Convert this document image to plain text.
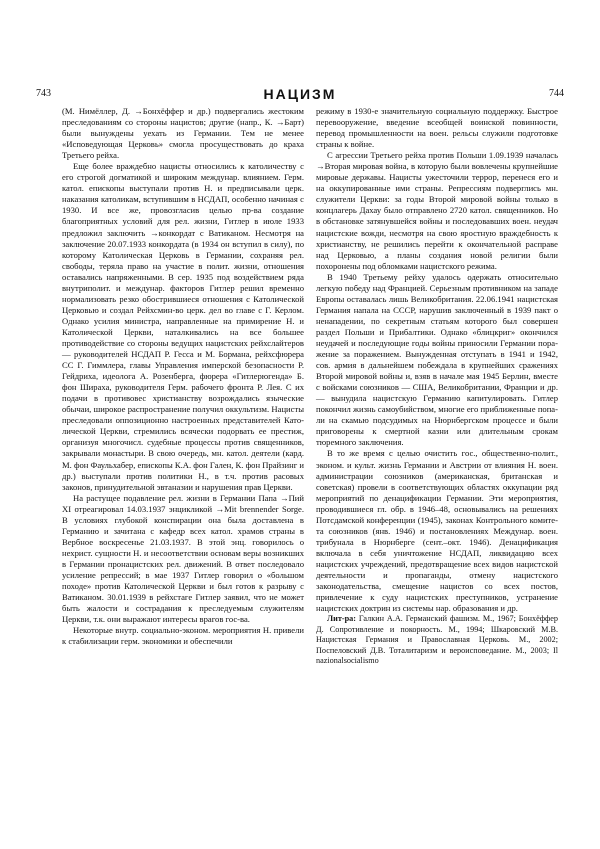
743	НАЦИЗМ	744

(М. Нимёллер, Д. →Бонхёффер и др.) подвергались жестоким преследованиям со стороны нацистов; другие (напр., К. →Барт) были вынуждены уехать из Германии. Тем не менее «Исповедующая Церковь» смогла просуществовать до краха Третьего рейха.

Еще более враждебно нацисты относились к католичеству с его строгой догматикой и широким междунар. влиянием. Герм. катол. епископы выступали против Н. и предписывали церк. наказания католикам, вступившим в НСДАП, особенно начиная с 1930. И все же, провозгласив целью пр-ва создание благоприятных условий для рел. жизни, Гитлер в июле 1933 предложил заключить →конкордат с Ватиканом. Несмотря на заключение 20.07.1933 конкордата (в 1934 он вступил в силу), по которому Католическая Церковь в Германии, сохраняя рел. свободы, теряла право на участие в полит. жизни, отношения оставались напряженными. В сер. 1935 под воздействием ряда внутриполит. и междунар. факторов Гитлер решил временно нормализовать резко обострившиеся отношения с Католической Церковью и создал Рейхсмин-во церк. дел во главе с Г. Керлом. Однако усилия министра, направленные на примирение Н. и Католической Церкви, наталкивались на все большее противодействие со стороны ведущих нацистских рейхслайтеров — руководителей НСДАП Р. Гесса и М. Бормана, рейхсфюрера СС Г. Гиммлера, главы Управления имперской безопасности Р. Гейдриха, идеолога А. Розенберга, фюрера «Гитлерюгенда» Б. фон Шираха, руководителя Герм. рабочего фронта Р. Лея. С их подачи в противовес христианству возрождались языческие обычаи, широкое распространение получил оккультизм. Нацисты преследовали оппозиционно настроенных представителей Католической Церкви, стремились всячески подорвать ее престиж, организуя многочисл. судебные процессы против священников, закрывали монастыри. В свою очередь, мн. катол. деятели (кард. М. фон Фаульхабер, епископы К.А. фон Гален, К. фон Прайзинг и др.) выступали против политики Н., в т.ч. против расовых законов, принудительной эвтаназии и нарушения прав Церкви.

На растущее подавление рел. жизни в Германии Папа →Пий XI отреагировал 14.03.1937 энцикликой →Mit brennender Sorge. В условиях глубокой конспирации она была доставлена в Германию и зачитана с кафедр всех катол. храмов страны в Вербное воскресенье 21.03.1937. В этой энц. говорилось о нехрист. сущности Н. и несоответствии основам веры возникших в Германии пронацистских рел. движений. В ответ последовало усиление репрессий; в мае 1937 Гитлер говорил о «большом походе» против Католической Церкви и был готов к разрыву с Ватиканом. 30.01.1939 в рейхстаге Гитлер заявил, что не может быть жалости и сострадания к преследуемым служителям Церкви, т.к. они выражают интересы врагов гос-ва.

Некоторые внутр. социально-эконом. мероприятия Н. привели к стабилизации герм. экономики и обеспечили

режиму в 1930-е значительную социальную поддержку. Быстрое перевооружение, введение всеобщей воинской повинности, перевод промышленности на воен. рельсы служили подготовке страны к войне.

С агрессии Третьего рейха против Польши 1.09.1939 началась →Вторая мировая война, в которую были вовлечены крупнейшие мировые державы. Нацисты ужесточили террор, перенеся его и на оккупированные ими страны. Репрессиям подверглись мн. служители Церкви: за годы Второй мировой войны только в концлагерь Дахау было отправлено 2720 катол. священников. Но в обстановке затянувшейся войны и последовавших воен. неудач нацистские вожди, несмотря на свою яростную враждебность к христианству, не решились перейти к окончательной расправе над Церковью, а планы создания новой религии были похоронены под обломками нацистского режима.

В 1940 Третьему рейху удалось одержать относительно легкую победу над Францией. Серьезным противником на западе Европы оставалась лишь Великобритания. 22.06.1941 нацистская Германия напала на СССР, нарушив заключенный в 1939 пакт о ненападении, по секретным статьям которого был совершен раздел Польши и Прибалтики. Однако «блицкриг» окончился неудачей и последующие годы войны приносили Германии поражение за поражением. Вынужденная отступать в 1941 и 1942, сов. армия в дальнейшем побеждала в крупнейших сражениях Второй мировой войны и, взяв в начале мая 1945 Берлин, вместе с войсками союзников — США, Великобритании, Франции и др. — вынудила нацистскую Германию капитулировать. Гитлер покончил жизнь самоубийством, многие его приближенные попали на скамью подсудимых на Нюрнбергском процессе и были приговорены к смертной казни или длительным срокам тюремного заключения.

В то же время с целью очистить гос., общественно-полит., эконом. и культ. жизнь Германии и Австрии от влияния Н. воен. администрации союзников (американская, британская и советская) провели в соответствующих областях оккупации ряд мероприятий по денацификации Германии. Эти мероприятия, проводившиеся гл. обр. в 1946–48, основывались на решениях Потсдамской конференции (1945), законах Контрольного комитета союзников (янв. 1946) и постановлениях Междунар. воен. трибунала в Нюрнберге (сент.–окт. 1946). Денацификация включала в себя уничтожение НСДАП, ликвидацию всех нацистских учреждений, предотвращение всех видов нацистской деятельности и пропаганды, отмену нацистского законодательства, смещение нацистов со всех постов, привлечение к суду нацистских преступников, устранение нацистских доктрин из системы нар. образования и др.

Лит-ра: Галкин А.А. Германский фашизм. М., 1967; Бонхёффер Д. Сопротивление и покорность. М., 1994; Шкаровский М.В. Нацистская Германия и Православная Церковь. М., 2002; Поспеловский Д.В. Тоталитаризм и вероисповедание. М., 2003; Il nazionalsocialismo
